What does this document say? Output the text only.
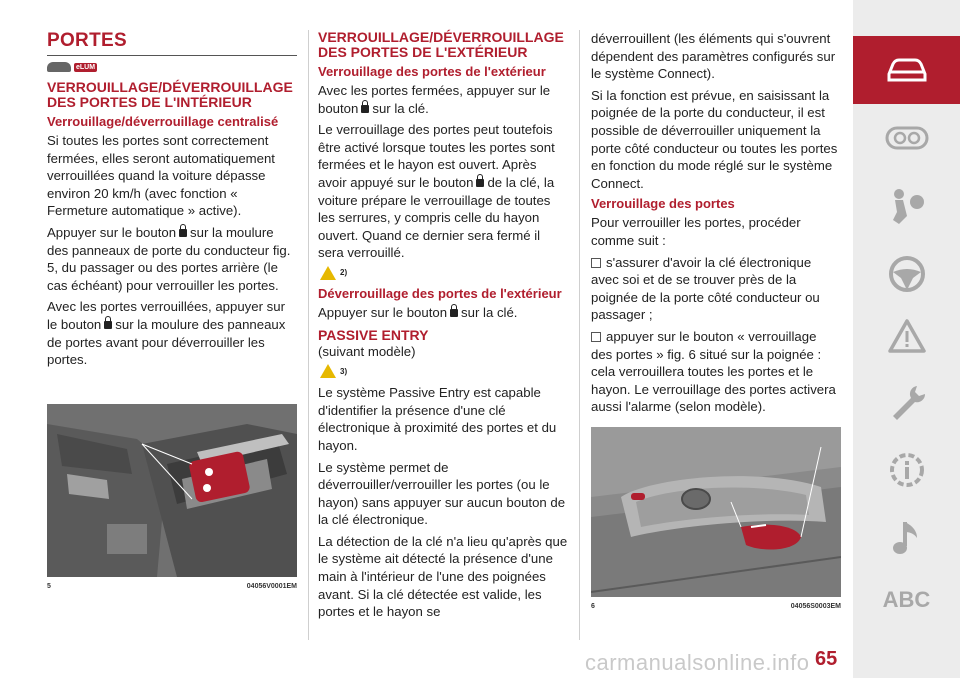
PORTES
eLUM
VERROUILLAGE/DÉVERROUILLAGE DES PORTES DE L'INTÉRIEUR
Verrouillage/déverrouillage centralisé

Si toutes les portes sont correctement fermées, elles seront automatiquement verrouillées quand la voiture dépasse environ 20 km/h (avec fonction « Fermeture automatique » active).

Appuyer sur le bouton sur la moulure des panneaux de porte du conducteur fig. 5, du passager ou des portes arrière (le cas échéant) pour verrouiller les portes.

Avec les portes verrouillées, appuyer sur le bouton sur la moulure des panneaux de portes avant pour déverrouiller les portes.

5	04056V0001EM
VERROUILLAGE/DÉVERROUILLAGE DES PORTES DE L'EXTÉRIEUR
Verrouillage des portes de l'extérieur

Avec les portes fermées, appuyer sur le bouton sur la clé.

Le verrouillage des portes peut toutefois être activé lorsque toutes les portes sont fermées et le hayon est ouvert. Après avoir appuyé sur le bouton de la clé, la voiture prépare le verrouillage de toutes les serrures, y compris celle du hayon ouvert. Quand ce dernier sera fermé il sera verrouillé.

2)
Déverrouillage des portes de l'extérieur

Appuyer sur le bouton sur la clé.

PASSIVE ENTRY

(suivant modèle)

3)

Le système Passive Entry est capable d'identifier la présence d'une clé électronique à proximité des portes et du hayon.

Le système permet de déverrouiller/verrouiller les portes (ou le hayon) sans appuyer sur aucun bouton de la clé électronique.

La détection de la clé n'a lieu qu'après que le système ait détecté la présence d'une main à l'intérieur de l'une des poignées avant. Si la clé détectée est valide, les portes et le hayon se

déverrouillent (les éléments qui s'ouvrent dépendent des paramètres configurés sur le système Connect).

Si la fonction est prévue, en saisissant la poignée de la porte du conducteur, il est possible de déverrouiller uniquement la porte côté conducteur ou toutes les portes en fonction du mode réglé sur le système Connect.

Verrouillage des portes

Pour verrouiller les portes, procéder comme suit :

s'assurer d'avoir la clé électronique avec soi et de se trouver près de la poignée de la porte côté conducteur ou passager ;

appuyer sur le bouton « verrouillage des portes » fig. 6 situé sur la poignée : cela verrouillera toutes les portes et le hayon. Le verrouillage des portes activera aussi l'alarme (selon modèle).

6	04056S0003EM ABC
carmanualsonline.info 65
